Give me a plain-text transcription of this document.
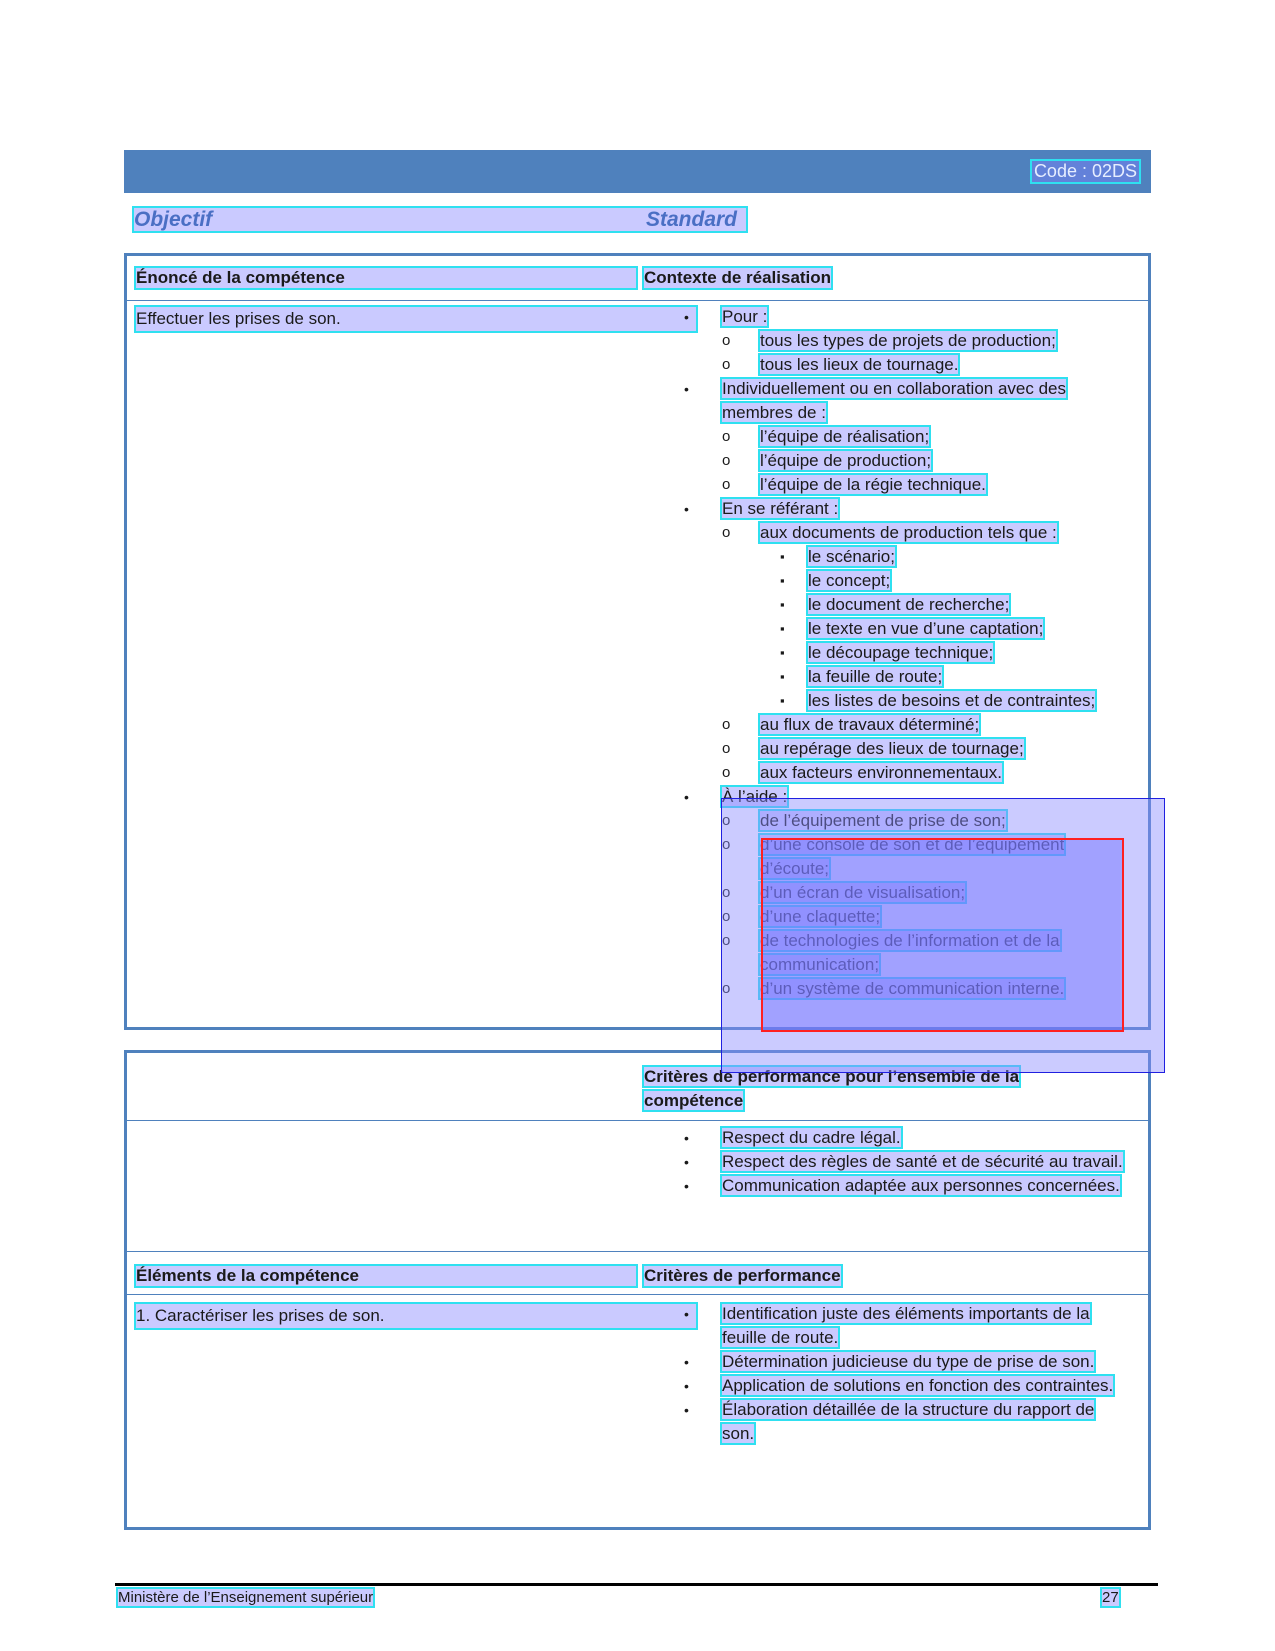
Code : 02DS
Objectif	Standard
Énoncé de la compétence	Contexte de réalisation
Effectuer les prises de son.	• Pour :
o tous les types de projets de production;
o tous les lieux de tournage.
• Individuellement ou en collaboration avec des membres de :
o l’équipe de réalisation;
o l’équipe de production;
o l’équipe de la régie technique.
• En se référant :
o aux documents de production tels que :
▪ le scénario;
▪ le concept;
▪ le document de recherche;
▪ le texte en vue d’une captation;
▪ le découpage technique;
▪ la feuille de route;
▪ les listes de besoins et de contraintes;
o au flux de travaux déterminé;
o au repérage des lieux de tournage;
o aux facteurs environnementaux.
• À l’aide :
o de l’équipement de prise de son;
o d’une console de son et de l’équipement d’écoute;
o d’un écran de visualisation;
o d’une claquette;
o de technologies de l’information et de la communication;
o d’un système de communication interne.
Critères de performance pour l’ensemble de la compétence
• Respect du cadre légal.
• Respect des règles de santé et de sécurité au travail.
• Communication adaptée aux personnes concernées.
Éléments de la compétence	Critères de performance
1. Caractériser les prises de son.	• Identification juste des éléments importants de la feuille de route.
• Détermination judicieuse du type de prise de son.
• Application de solutions en fonction des contraintes.
• Élaboration détaillée de la structure du rapport de son.
Ministère de l’Enseignement supérieur	27
